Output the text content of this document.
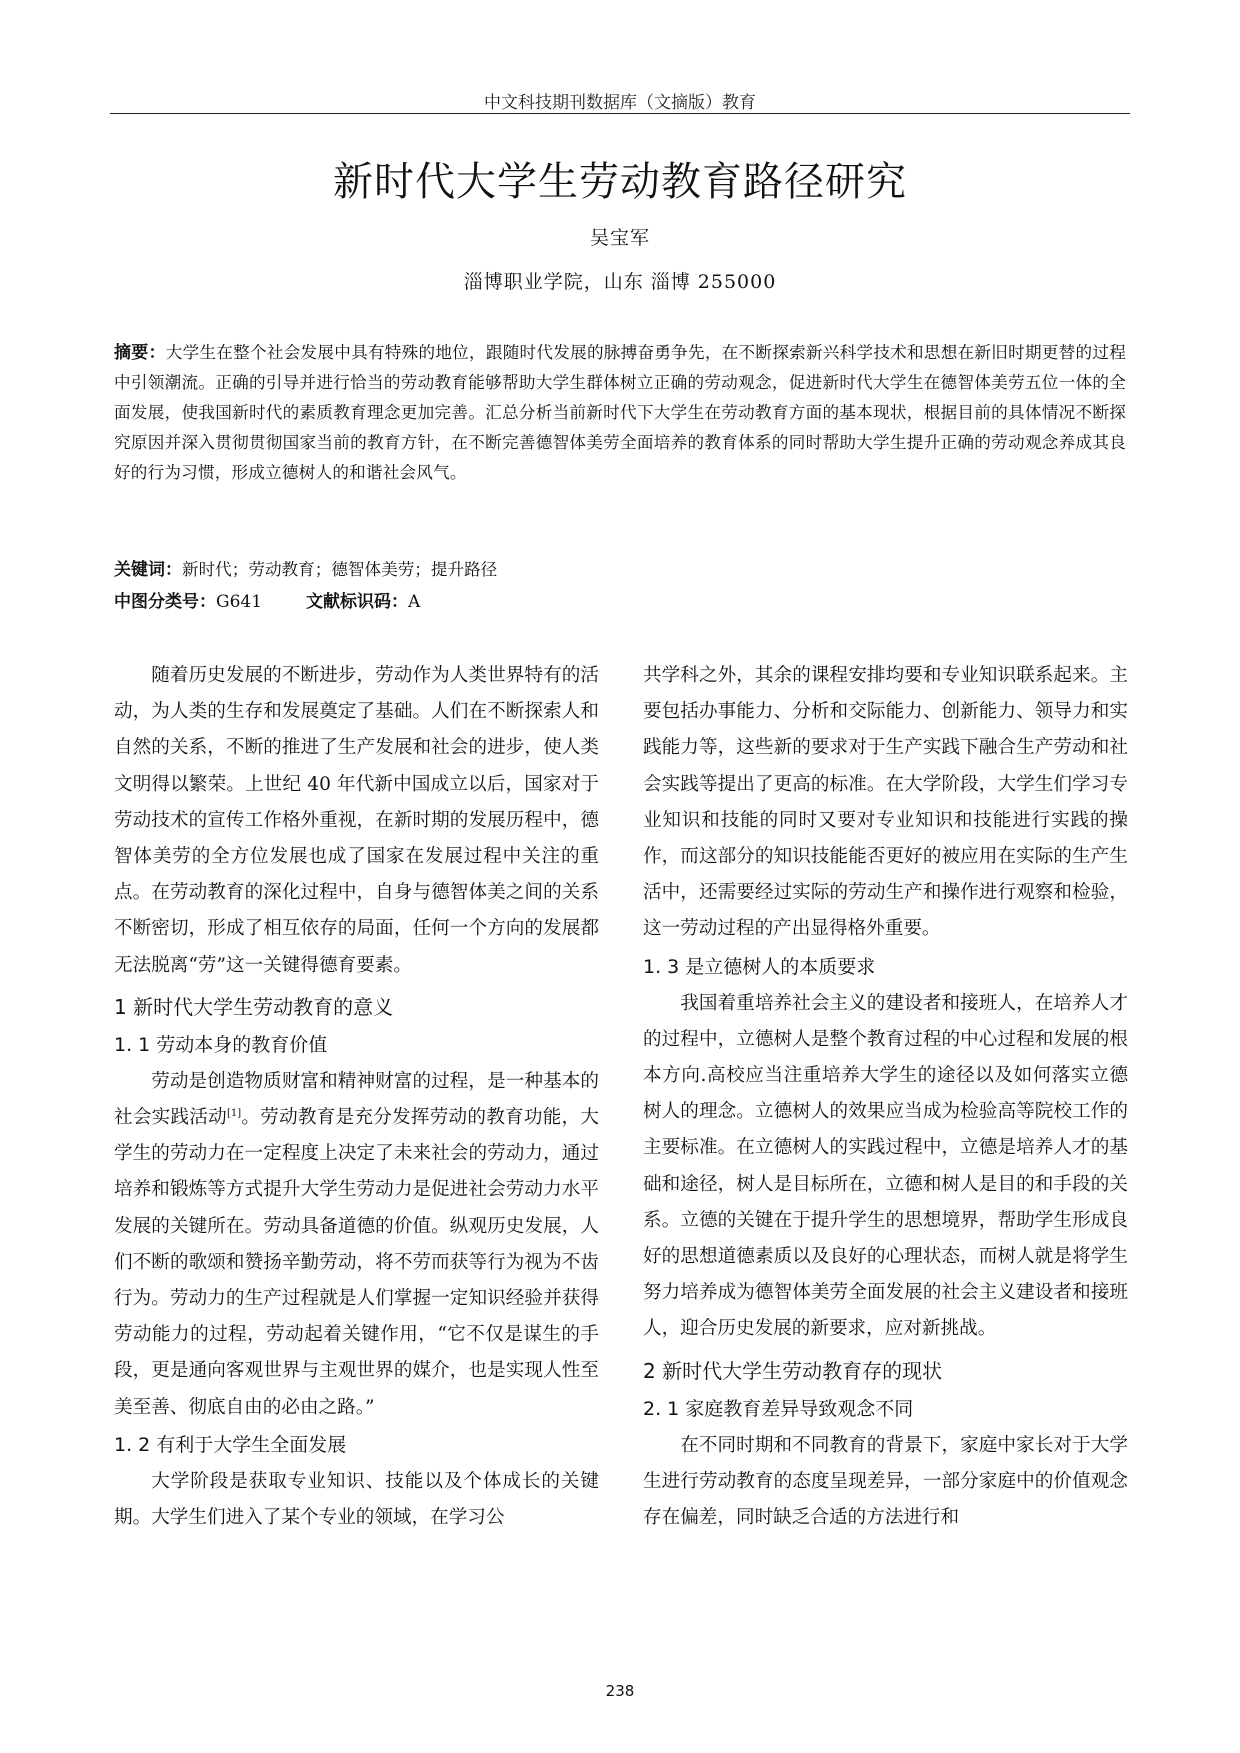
中文科技期刊数据库（文摘版）教育
新时代大学生劳动教育路径研究
吴宝军
淄博职业学院，山东 淄博 255000
摘要：大学生在整个社会发展中具有特殊的地位，跟随时代发展的脉搏奋勇争先，在不断探索新兴科学技术和思想在新旧时期更替的过程中引领潮流。正确的引导并进行恰当的劳动教育能够帮助大学生群体树立正确的劳动观念，促进新时代大学生在德智体美劳五位一体的全面发展，使我国新时代的素质教育理念更加完善。汇总分析当前新时代下大学生在劳动教育方面的基本现状，根据目前的具体情况不断探究原因并深入贯彻贯彻国家当前的教育方针，在不断完善德智体美劳全面培养的教育体系的同时帮助大学生提升正确的劳动观念养成其良好的行为习惯，形成立德树人的和谐社会风气。
关键词：新时代；劳动教育；德智体美劳；提升路径
中图分类号：G641	文献标识码：A

随着历史发展的不断进步，劳动作为人类世界特有的活动，为人类的生存和发展奠定了基础。人们在不断探索人和自然的关系，不断的推进了生产发展和社会的进步，使人类文明得以繁荣。上世纪 40 年代新中国成立以后，国家对于劳动技术的宣传工作格外重视，在新时期的发展历程中，德智体美劳的全方位发展也成了国家在发展过程中关注的重点。在劳动教育的深化过程中，自身与德智体美之间的关系不断密切，形成了相互依存的局面，任何一个方向的发展都无法脱离“劳”这一关键得德育要素。

1 新时代大学生劳动教育的意义
1. 1 劳动本身的教育价值

劳动是创造物质财富和精神财富的过程，是一种基本的社会实践活动[1]。劳动教育是充分发挥劳动的教育功能，大学生的劳动力在一定程度上决定了未来社会的劳动力，通过培养和锻炼等方式提升大学生劳动力是促进社会劳动力水平发展的关键所在。劳动具备道德的价值。纵观历史发展，人们不断的歌颂和赞扬辛勤劳动，将不劳而获等行为视为不齿行为。劳动力的生产过程就是人们掌握一定知识经验并获得劳动能力的过程，劳动起着关键作用，“它不仅是谋生的手段，更是通向客观世界与主观世界的媒介，也是实现人性至美至善、彻底自由的必由之路。”

1. 2 有利于大学生全面发展

大学阶段是获取专业知识、技能以及个体成长的关键期。大学生们进入了某个专业的领域，在学习公

共学科之外，其余的课程安排均要和专业知识联系起来。主要包括办事能力、分析和交际能力、创新能力、领导力和实践能力等，这些新的要求对于生产实践下融合生产劳动和社会实践等提出了更高的标准。在大学阶段，大学生们学习专业知识和技能的同时又要对专业知识和技能进行实践的操作，而这部分的知识技能能否更好的被应用在实际的生产生活中，还需要经过实际的劳动生产和操作进行观察和检验，这一劳动过程的产出显得格外重要。

1. 3 是立德树人的本质要求

我国着重培养社会主义的建设者和接班人，在培养人才的过程中，立德树人是整个教育过程的中心过程和发展的根本方向.高校应当注重培养大学生的途径以及如何落实立德树人的理念。立德树人的效果应当成为检验高等院校工作的主要标准。在立德树人的实践过程中，立德是培养人才的基础和途径，树人是目标所在，立德和树人是目的和手段的关系。立德的关键在于提升学生的思想境界，帮助学生形成良好的思想道德素质以及良好的心理状态，而树人就是将学生努力培养成为德智体美劳全面发展的社会主义建设者和接班人，迎合历史发展的新要求，应对新挑战。

2 新时代大学生劳动教育存的现状
2. 1 家庭教育差异导致观念不同

在不同时期和不同教育的背景下，家庭中家长对于大学生进行劳动教育的态度呈现差异，一部分家庭中的价值观念存在偏差，同时缺乏合适的方法进行和

238
